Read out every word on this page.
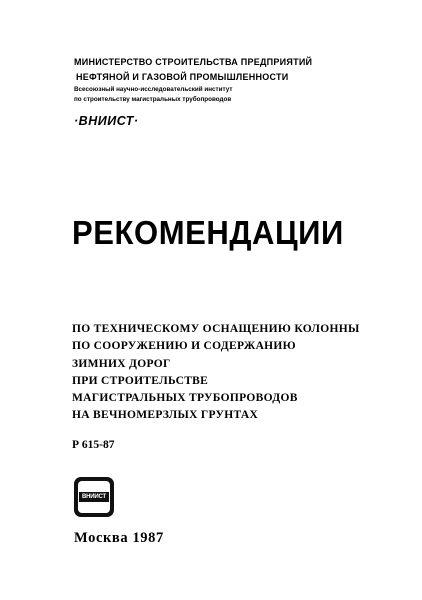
МИНИСТЕРСТВО СТРОИТЕЛЬСТВА ПРЕДПРИЯТИЙ
НЕФТЯНОЙ И ГАЗОВОЙ ПРОМЫШЛЕННОСТИ
Всесоюзный научно-исследовательский институт
по строительству магистральных трубопроводов
·ВНИИСТ·
РЕКОМЕНДАЦИИ
ПО ТЕХНИЧЕСКОМУ ОСНАЩЕНИЮ КОЛОННЫ
ПО СООРУЖЕНИЮ И СОДЕРЖАНИЮ
ЗИМНИХ ДОРОГ
ПРИ СТРОИТЕЛЬСТВЕ
МАГИСТРАЛЬНЫХ ТРУБОПРОВОДОВ
НА ВЕЧНОМЕРЗЛЫХ ГРУНТАХ
Р 615-87
ВНИИСТ
Москва 1987
